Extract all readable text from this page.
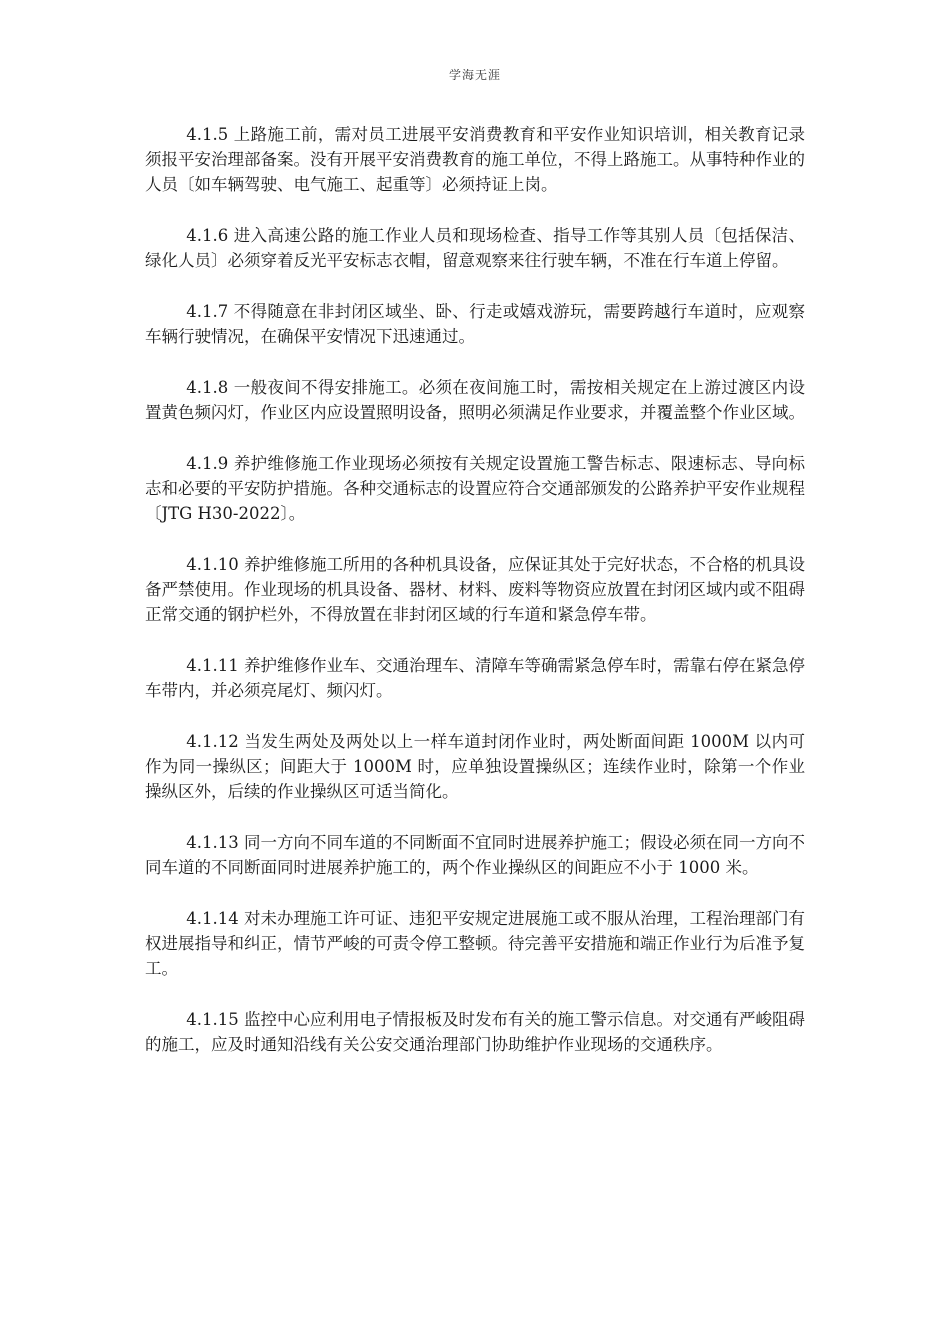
学海无涯

4.1.5 上路施工前，需对员工进展平安消费教育和平安作业知识培训，相关教育记录须报平安治理部备案。没有开展平安消费教育的施工单位，不得上路施工。从事特种作业的人员〔如车辆驾驶、电气施工、起重等〕必须持证上岗。

4.1.6 进入高速公路的施工作业人员和现场检查、指导工作等其别人员〔包括保洁、绿化人员〕必须穿着反光平安标志衣帽，留意观察来往行驶车辆，不准在行车道上停留。

4.1.7 不得随意在非封闭区域坐、卧、行走或嬉戏游玩，需要跨越行车道时，应观察车辆行驶情况，在确保平安情况下迅速通过。

4.1.8 一般夜间不得安排施工。必须在夜间施工时，需按相关规定在上游过渡区内设置黄色频闪灯，作业区内应设置照明设备，照明必须满足作业要求，并覆盖整个作业区域。

4.1.9 养护维修施工作业现场必须按有关规定设置施工警告标志、限速标志、导向标志和必要的平安防护措施。各种交通标志的设置应符合交通部颁发的公路养护平安作业规程〔JTG H30-2022〕。

4.1.10 养护维修施工所用的各种机具设备，应保证其处于完好状态，不合格的机具设备严禁使用。作业现场的机具设备、器材、材料、废料等物资应放置在封闭区域内或不阻碍正常交通的钢护栏外，不得放置在非封闭区域的行车道和紧急停车带。

4.1.11 养护维修作业车、交通治理车、清障车等确需紧急停车时，需靠右停在紧急停车带内，并必须亮尾灯、频闪灯。

4.1.12 当发生两处及两处以上一样车道封闭作业时，两处断面间距 1000M 以内可作为同一操纵区；间距大于 1000M 时，应单独设置操纵区；连续作业时，除第一个作业操纵区外，后续的作业操纵区可适当简化。

4.1.13 同一方向不同车道的不同断面不宜同时进展养护施工；假设必须在同一方向不同车道的不同断面同时进展养护施工的，两个作业操纵区的间距应不小于 1000 米。

4.1.14 对未办理施工许可证、违犯平安规定进展施工或不服从治理，工程治理部门有权进展指导和纠正，情节严峻的可责令停工整顿。待完善平安措施和端正作业行为后准予复工。

4.1.15 监控中心应利用电子情报板及时发布有关的施工警示信息。对交通有严峻阻碍的施工，应及时通知沿线有关公安交通治理部门协助维护作业现场的交通秩序。
